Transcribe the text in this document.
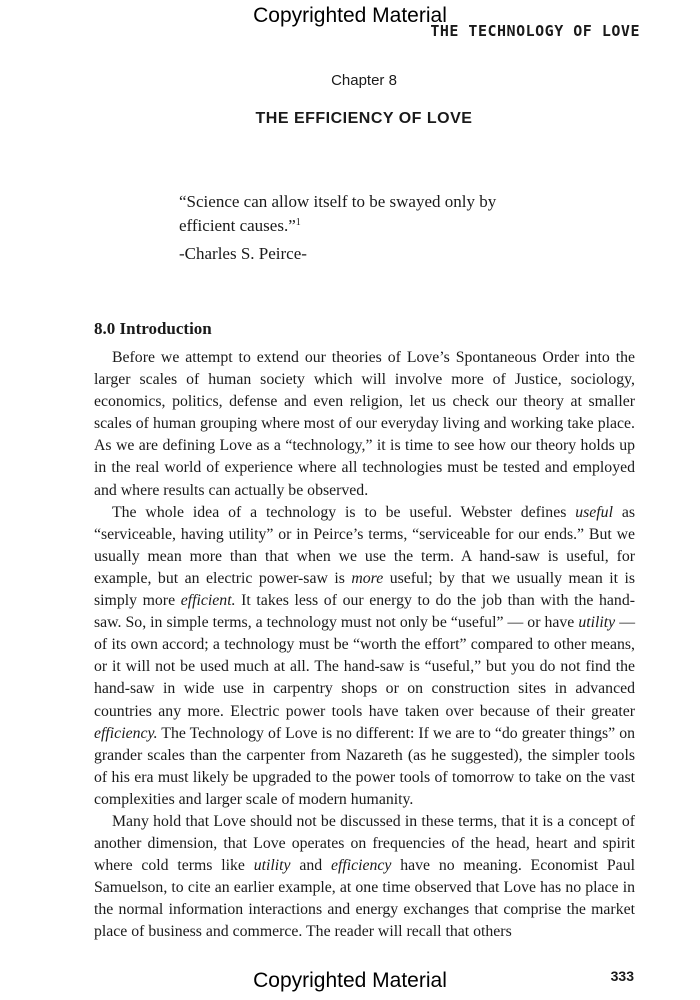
Copyrighted Material
THE TECHNOLOGY OF LOVE
Chapter 8
THE EFFICIENCY OF LOVE
“Science can allow itself to be swayed only by
efficient causes.”$^1$
-Charles S. Peirce-
8.0 Introduction

Before we attempt to extend our theories of Love’s Spontaneous Order into the larger scales of human society which will involve more of Justice, sociology, economics, politics, defense and even religion, let us check our theory at smaller scales of human grouping where most of our everyday living and working take place. As we are defining Love as a “technology,” it is time to see how our theory holds up in the real world of experience where all technologies must be tested and employed and where results can actually be observed.

The whole idea of a technology is to be useful. Webster defines useful as “serviceable, having utility” or in Peirce’s terms, “serviceable for our ends.” But we usually mean more than that when we use the term. A hand-saw is useful, for example, but an electric power-saw is more useful; by that we usually mean it is simply more efficient. It takes less of our energy to do the job than with the hand-saw. So, in simple terms, a technology must not only be “useful” — or have utility — of its own accord; a technology must be “worth the effort” compared to other means, or it will not be used much at all. The hand-saw is “useful,” but you do not find the hand-saw in wide use in carpentry shops or on construction sites in advanced countries any more. Electric power tools have taken over because of their greater efficiency. The Technology of Love is no different: If we are to “do greater things” on grander scales than the carpenter from Nazareth (as he suggested), the simpler tools of his era must likely be upgraded to the power tools of tomorrow to take on the vast complexities and larger scale of modern humanity.

Many hold that Love should not be discussed in these terms, that it is a concept of another dimension, that Love operates on frequencies of the head, heart and spirit where cold terms like utility and efficiency have no meaning. Economist Paul Samuelson, to cite an earlier example, at one time observed that Love has no place in the normal information interactions and energy exchanges that comprise the market place of business and commerce. The reader will recall that others

Copyrighted Material	333
